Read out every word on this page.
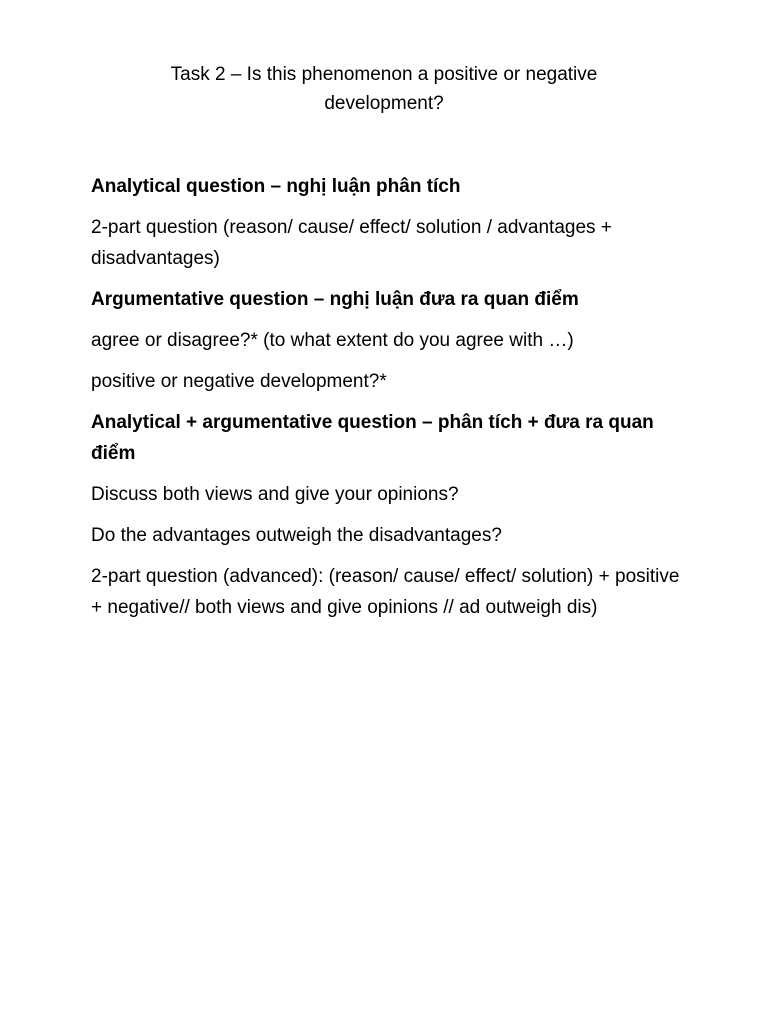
Task 2 – Is this phenomenon a positive or negative development?

Analytical question – nghị luận phân tích

2-part question (reason/ cause/ effect/ solution / advantages + disadvantages)

Argumentative question – nghị luận đưa ra quan điểm

agree or disagree?* (to what extent do you agree with …)

positive or negative development?*

Analytical + argumentative question – phân tích + đưa ra quan điểm

Discuss both views and give your opinions?

Do the advantages outweigh the disadvantages?

2-part question (advanced): (reason/ cause/ effect/ solution) + positive + negative// both views and give opinions // ad outweigh dis)
